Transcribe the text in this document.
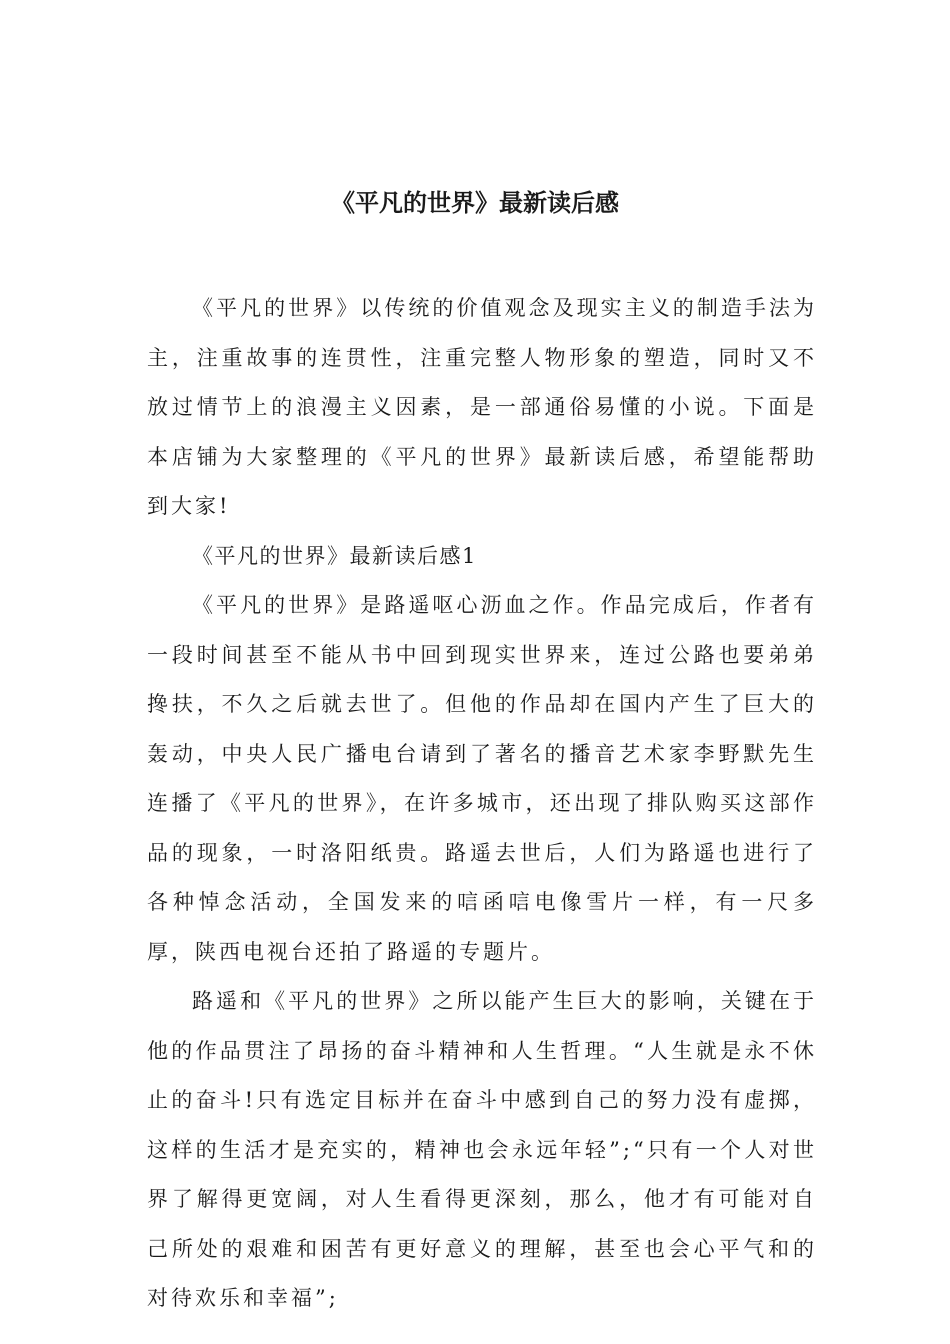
《平凡的世界》最新读后感

《平凡的世界》以传统的价值观念及现实主义的制造手法为主，注重故事的连贯性，注重完整人物形象的塑造，同时又不放过情节上的浪漫主义因素，是一部通俗易懂的小说。下面是本店铺为大家整理的《平凡的世界》最新读后感，希望能帮助到大家!

《平凡的世界》最新读后感1

《平凡的世界》是路遥呕心沥血之作。作品完成后，作者有一段时间甚至不能从书中回到现实世界来，连过公路也要弟弟搀扶，不久之后就去世了。但他的作品却在国内产生了巨大的轰动，中央人民广播电台请到了著名的播音艺术家李野默先生连播了《平凡的世界》，在许多城市，还出现了排队购买这部作品的现象，一时洛阳纸贵。路遥去世后，人们为路遥也进行了各种悼念活动，全国发来的唁函唁电像雪片一样，有一尺多厚，陕西电视台还拍了路遥的专题片。

路遥和《平凡的世界》之所以能产生巨大的影响，关键在于他的作品贯注了昂扬的奋斗精神和人生哲理。“人生就是永不休止的奋斗!只有选定目标并在奋斗中感到自己的努力没有虚掷，这样的生活才是充实的，精神也会永远年轻”;“只有一个人对世界了解得更宽阔，对人生看得更深刻，那么，他才有可能对自己所处的艰难和困苦有更好意义的理解，甚至也会心平气和的对待欢乐和幸福”;
